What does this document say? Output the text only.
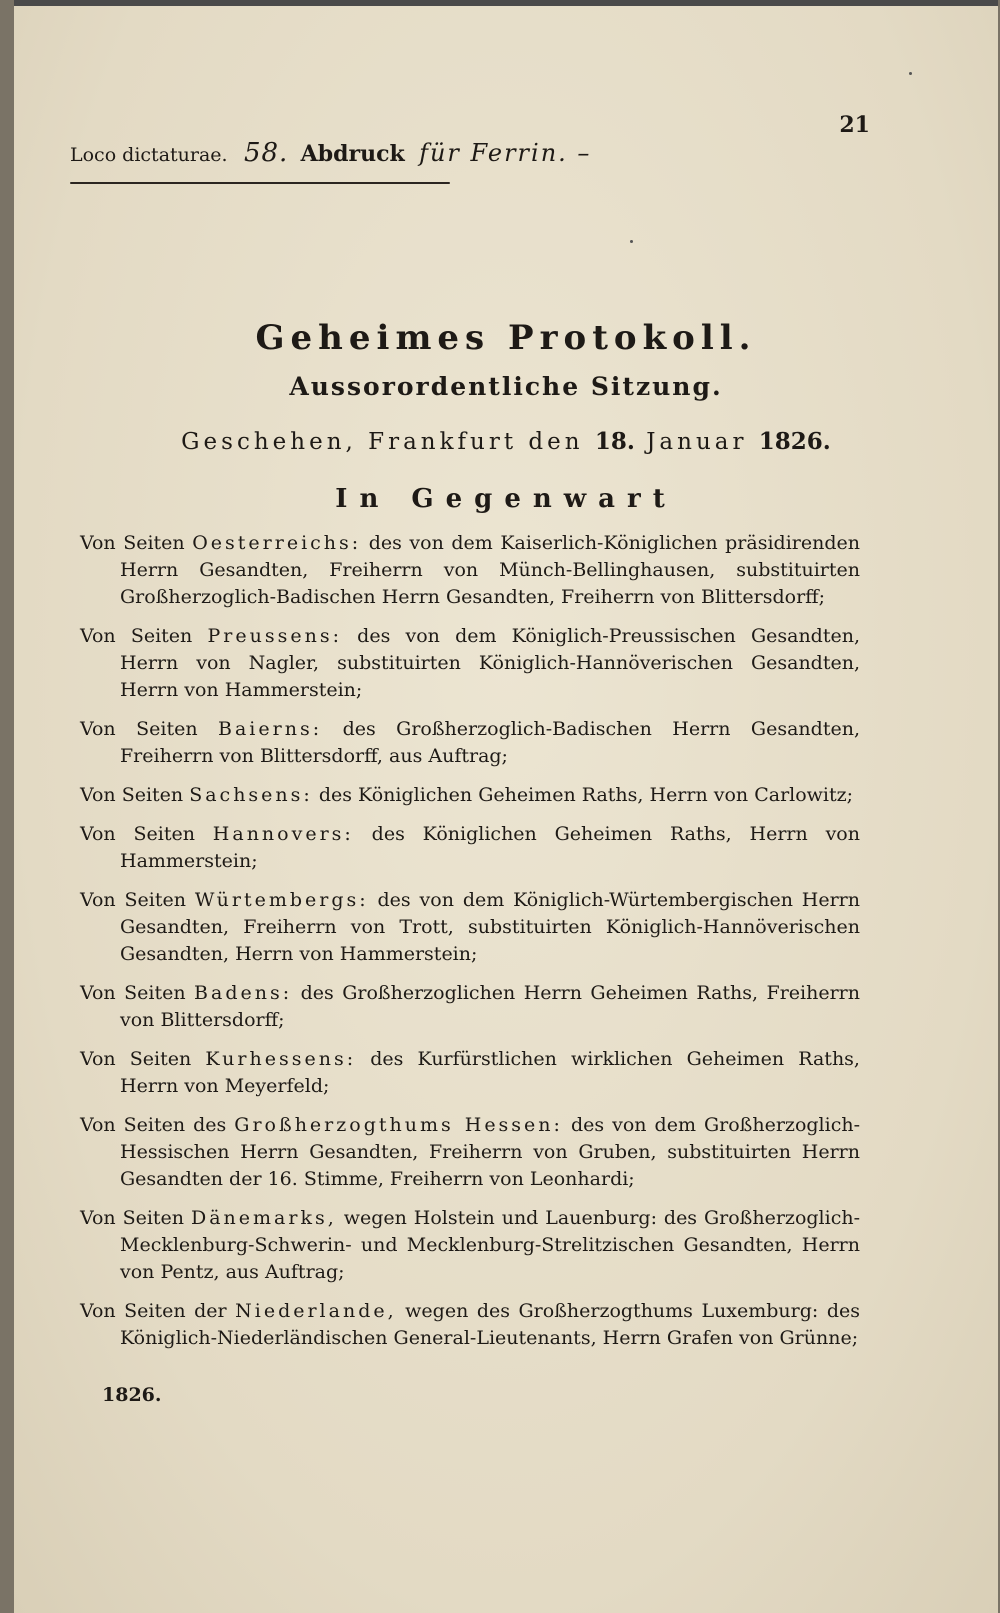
21
Loco dictaturae. 58. Abdruck für Ferrin. –
Geheimes Protokoll.
Aussorordentliche Sitzung.
Geschehen, Frankfurt den 18. Januar 1826.
In Gegenwart
Von Seiten Oesterreichs: des von dem Kaiserlich-Königlichen präsidirenden Herrn Gesandten, Freiherrn von Münch-Bellinghausen, substituirten Großherzoglich-Badischen Herrn Gesandten, Freiherrn von Blittersdorff;
Von Seiten Preussens: des von dem Königlich-Preussischen Gesandten, Herrn von Nagler, substituirten Königlich-Hannöverischen Gesandten, Herrn von Hammerstein;
Von Seiten Baierns: des Großherzoglich-Badischen Herrn Gesandten, Freiherrn von Blittersdorff, aus Auftrag;
Von Seiten Sachsens: des Königlichen Geheimen Raths, Herrn von Carlowitz;
Von Seiten Hannovers: des Königlichen Geheimen Raths, Herrn von Hammerstein;
Von Seiten Würtembergs: des von dem Königlich-Würtembergischen Herrn Gesandten, Freiherrn von Trott, substituirten Königlich-Hannöverischen Gesandten, Herrn von Hammerstein;
Von Seiten Badens: des Großherzoglichen Herrn Geheimen Raths, Freiherrn von Blittersdorff;
Von Seiten Kurhessens: des Kurfürstlichen wirklichen Geheimen Raths, Herrn von Meyerfeld;
Von Seiten des Großherzogthums Hessen: des von dem Großherzoglich-Hessischen Herrn Gesandten, Freiherrn von Gruben, substituirten Herrn Gesandten der 16. Stimme, Freiherrn von Leonhardi;
Von Seiten Dänemarks, wegen Holstein und Lauenburg: des Großherzoglich-Mecklenburg-Schwerin- und Mecklenburg-Strelitzischen Gesandten, Herrn von Pentz, aus Auftrag;
Von Seiten der Niederlande, wegen des Großherzogthums Luxemburg: des Königlich-Niederländischen General-Lieutenants, Herrn Grafen von Grünne;
1826.
